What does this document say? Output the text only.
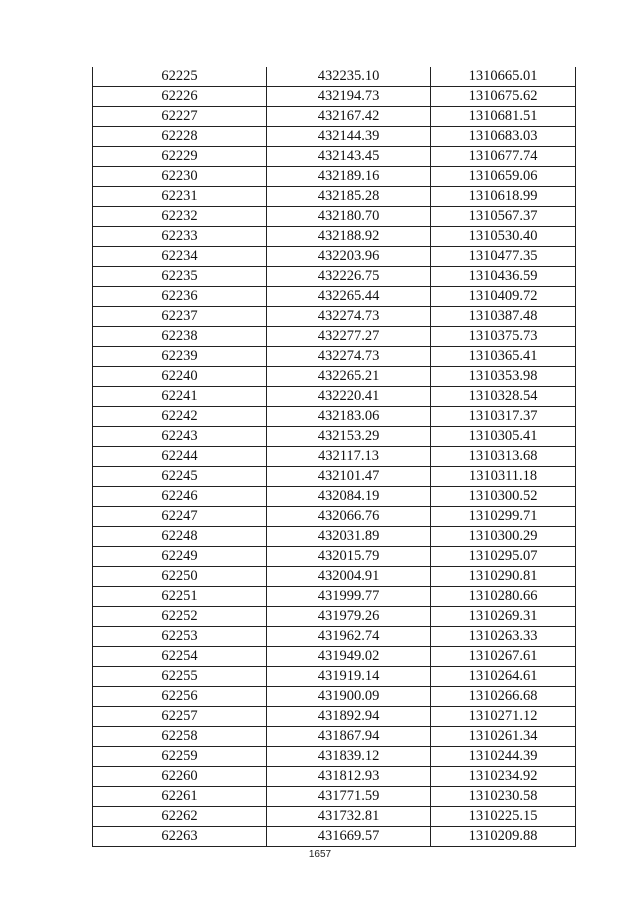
62225	432235.10	1310665.01
62226	432194.73	1310675.62
62227	432167.42	1310681.51
62228	432144.39	1310683.03
62229	432143.45	1310677.74
62230	432189.16	1310659.06
62231	432185.28	1310618.99
62232	432180.70	1310567.37
62233	432188.92	1310530.40
62234	432203.96	1310477.35
62235	432226.75	1310436.59
62236	432265.44	1310409.72
62237	432274.73	1310387.48
62238	432277.27	1310375.73
62239	432274.73	1310365.41
62240	432265.21	1310353.98
62241	432220.41	1310328.54
62242	432183.06	1310317.37
62243	432153.29	1310305.41
62244	432117.13	1310313.68
62245	432101.47	1310311.18
62246	432084.19	1310300.52
62247	432066.76	1310299.71
62248	432031.89	1310300.29
62249	432015.79	1310295.07
62250	432004.91	1310290.81
62251	431999.77	1310280.66
62252	431979.26	1310269.31
62253	431962.74	1310263.33
62254	431949.02	1310267.61
62255	431919.14	1310264.61
62256	431900.09	1310266.68
62257	431892.94	1310271.12
62258	431867.94	1310261.34
62259	431839.12	1310244.39
62260	431812.93	1310234.92
62261	431771.59	1310230.58
62262	431732.81	1310225.15
62263	431669.57	1310209.88
1657
